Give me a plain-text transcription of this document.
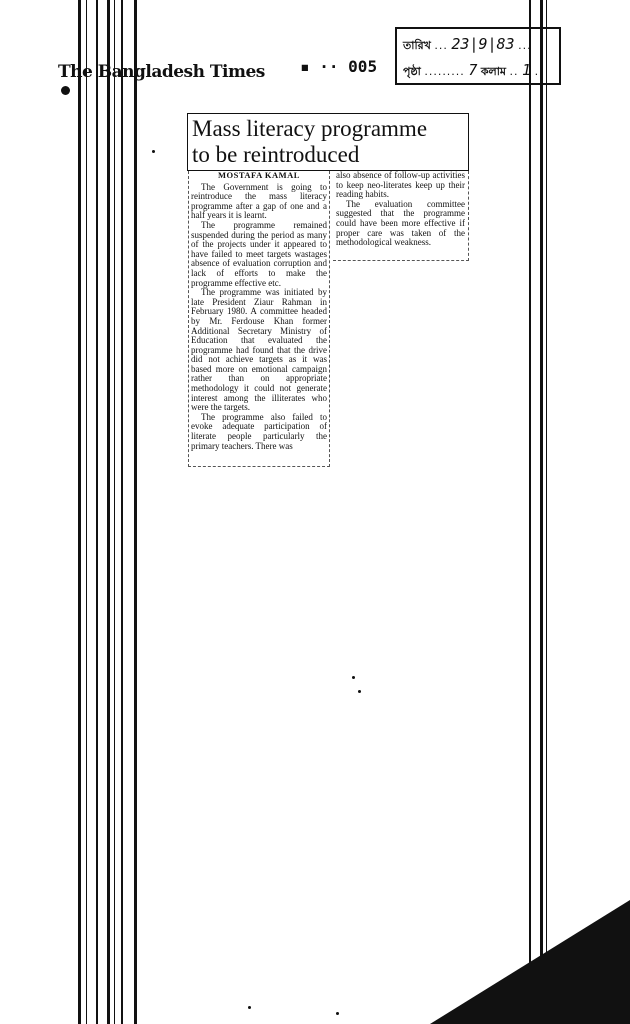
The Bangladesh Times ▪ ·· 005
তারিখ ... 23|9|83 ...
পৃষ্ঠা ......... 7 কলাম .. 1 ..
Mass literacy programme
to be reintroduced

MOSTAFA KAMAL

The Government is going to reintroduce the mass literacy programme after a gap of one and a half years it is learnt.

The programme remained suspended during the period as many of the projects under it appeared to have failed to meet targets wastages absence of evaluation corruption and lack of efforts to make the programme effective etc.

The programme was initiated by late President Ziaur Rahman in February 1980. A committee headed by Mr. Ferdouse Khan former Additional Secretary Ministry of Education that evaluated the programme had found that the drive did not achieve targets as it was based more on emotional campaign rather than on appropriate methodology it could not generate interest among the illiterates who were the targets.

The programme also failed to evoke adequate participation of literate people particularly the primary teachers. There was

also absence of follow-up activities to keep neo-literates keep up their reading habits.

The evaluation committee suggested that the programme could have been more effective if proper care was taken of the methodological weakness.
